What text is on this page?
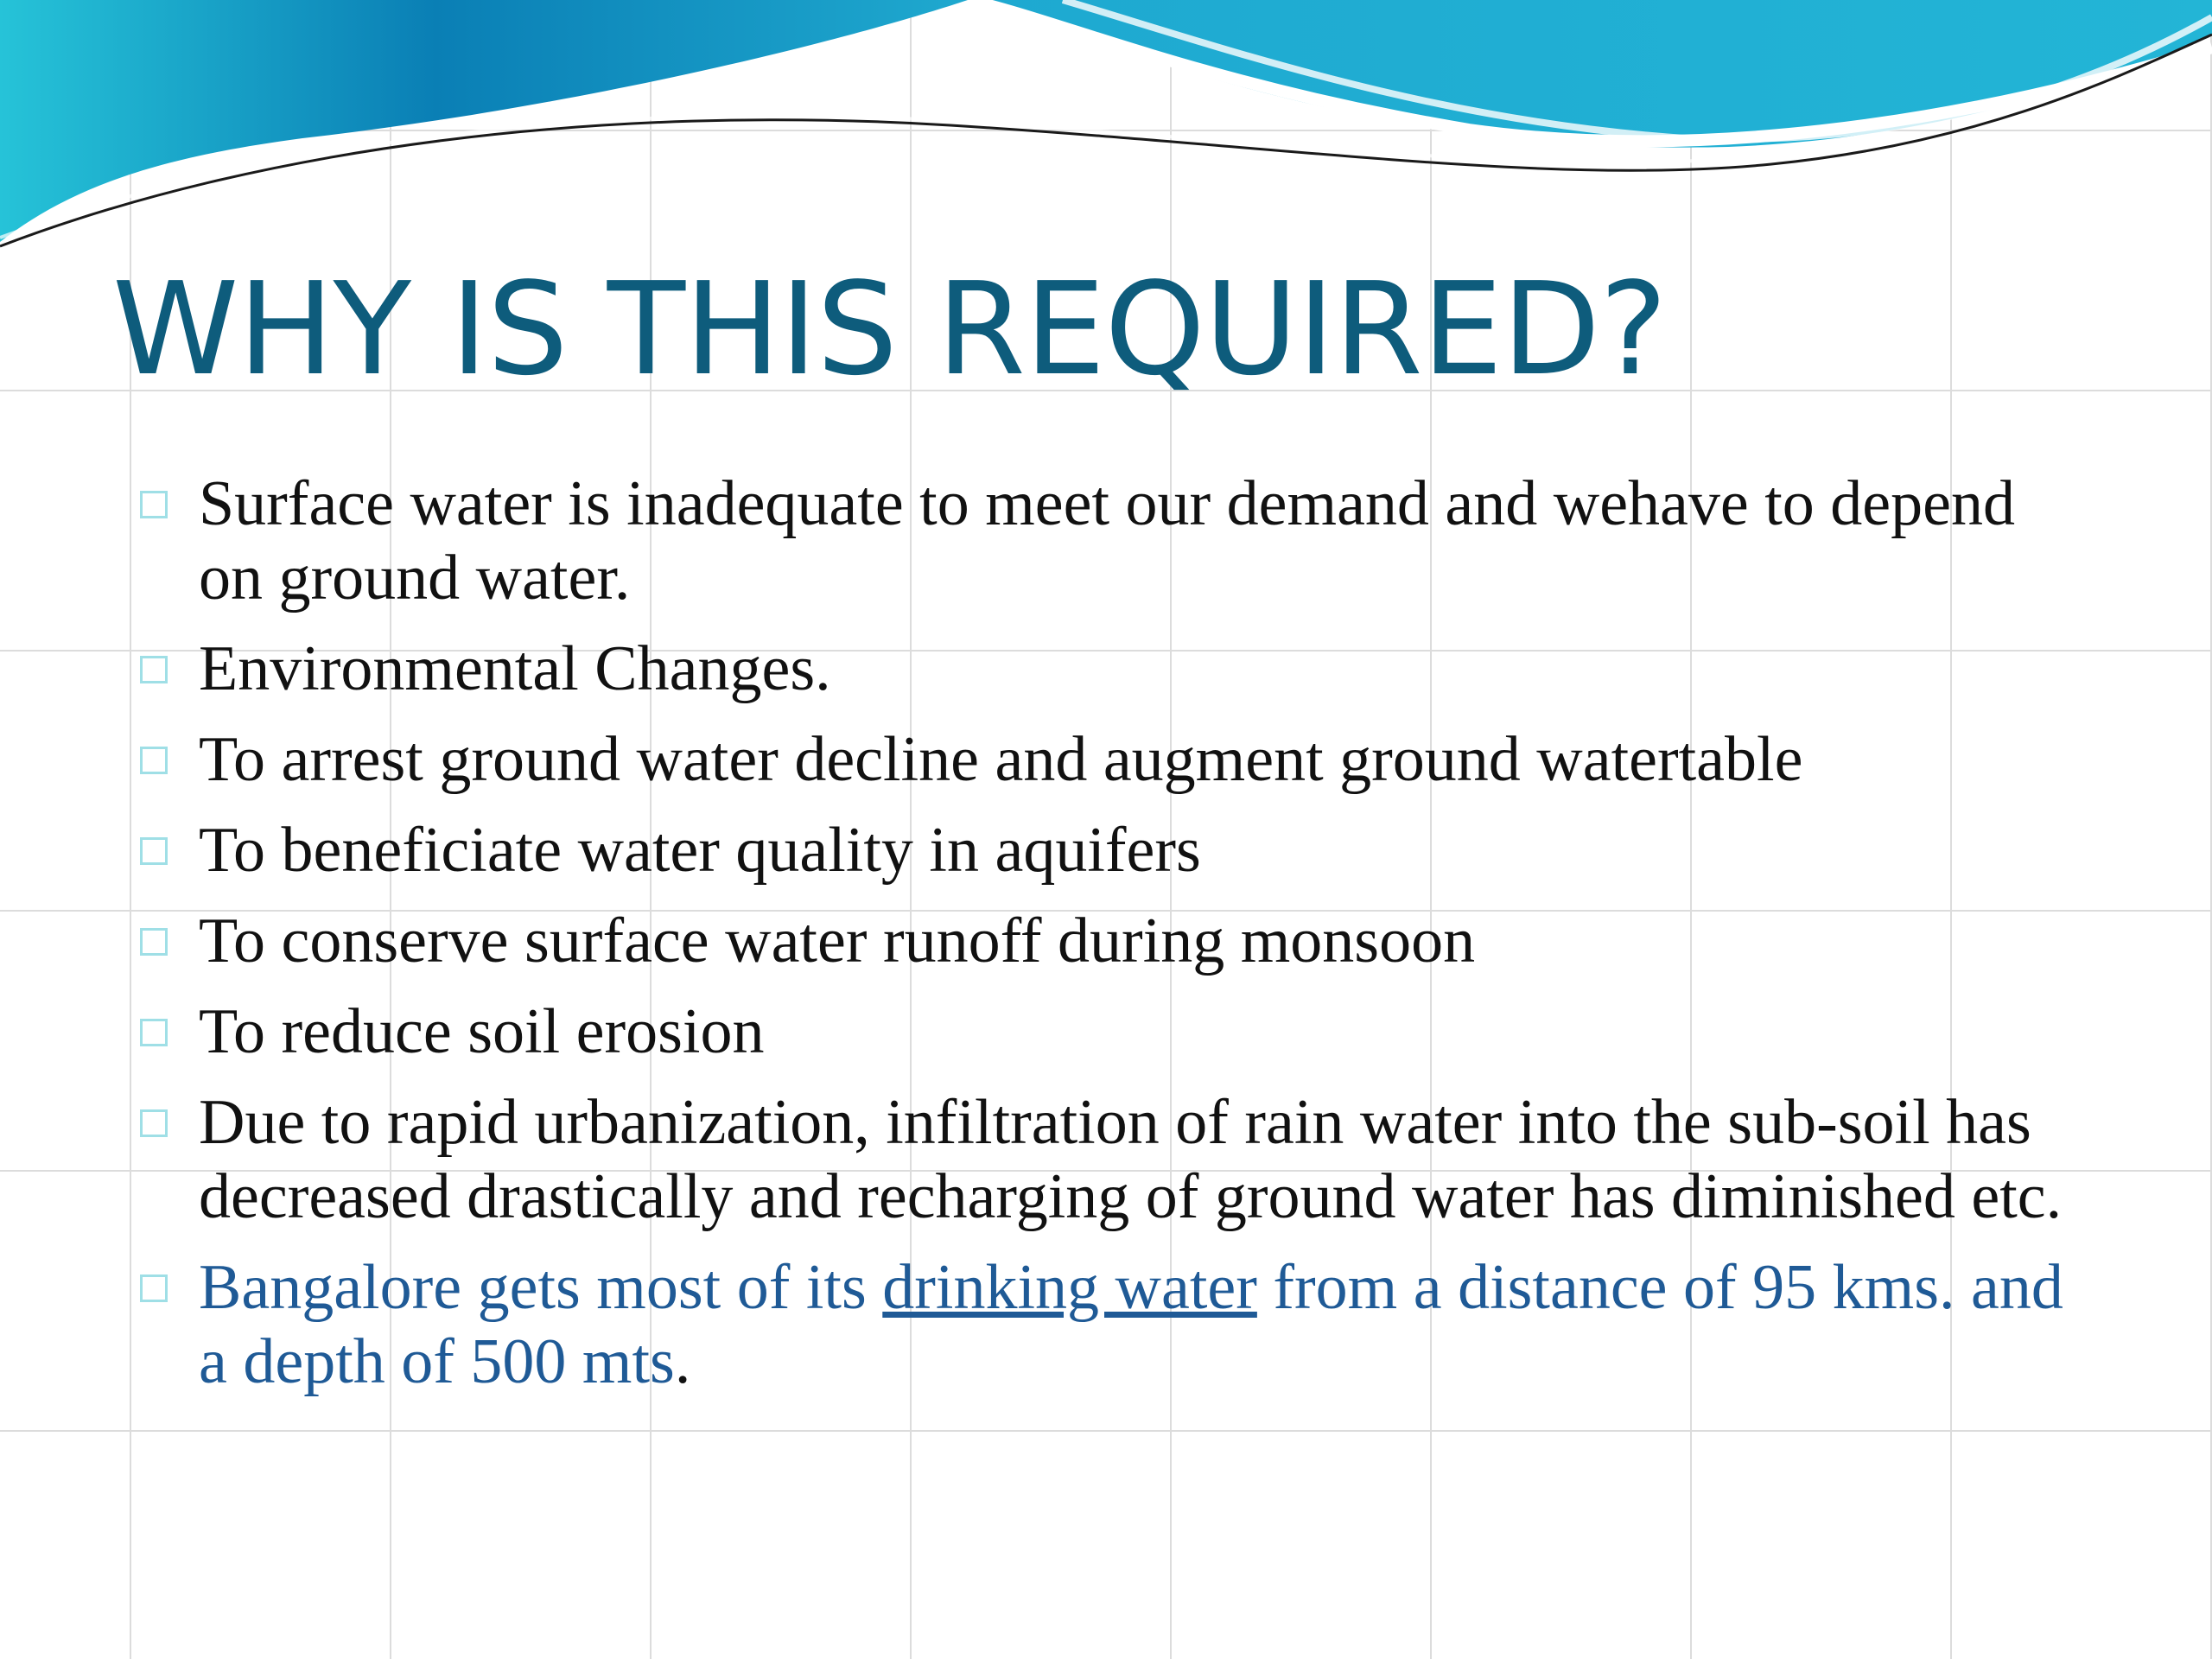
WHY IS THIS REQUIRED?
Surface water is inadequate to meet our demand and wehave to depend on ground water.
Environmental Changes.
To arrest ground water decline and augment ground watertable
To beneficiate water quality in aquifers
To conserve surface water runoff during monsoon
To reduce soil erosion
Due to rapid urbanization, infiltration of rain water into the sub-soil has decreased drastically and recharging of ground water has diminished etc.
Bangalore gets most of its drinking water from a distance of 95 kms. and a depth of 500 mts.
